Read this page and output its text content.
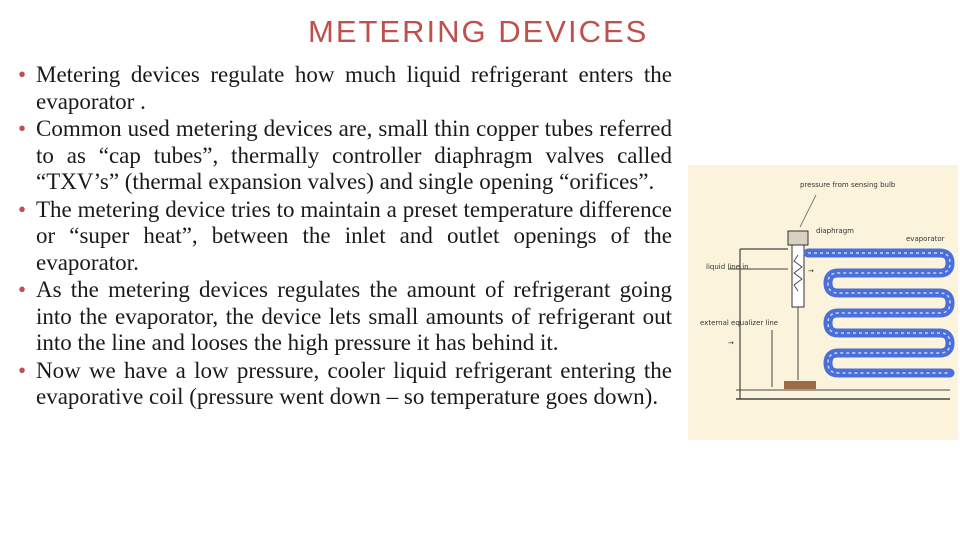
METERING DEVICES
• Metering devices regulate how much liquid refrigerant enters the evaporator .
• Common used metering devices are, small thin copper tubes referred to as “cap tubes”, thermally controller diaphragm valves called “TXV’s” (thermal expansion valves) and single opening “orifices”.
• The metering device tries to maintain a preset temperature difference or “super heat”, between the inlet and outlet openings of the evaporator.
• As the metering devices regulates the amount of refrigerant going into the evaporator, the device lets small amounts of refrigerant out into the line and looses the high pressure it has behind it.
• Now we have a low pressure, cooler liquid refrigerant entering the evaporative coil (pressure went down – so temperature goes down).
pressure from sensing bulb
diaphragm
evaporator
liquid line in
external equalizer line
→
→
